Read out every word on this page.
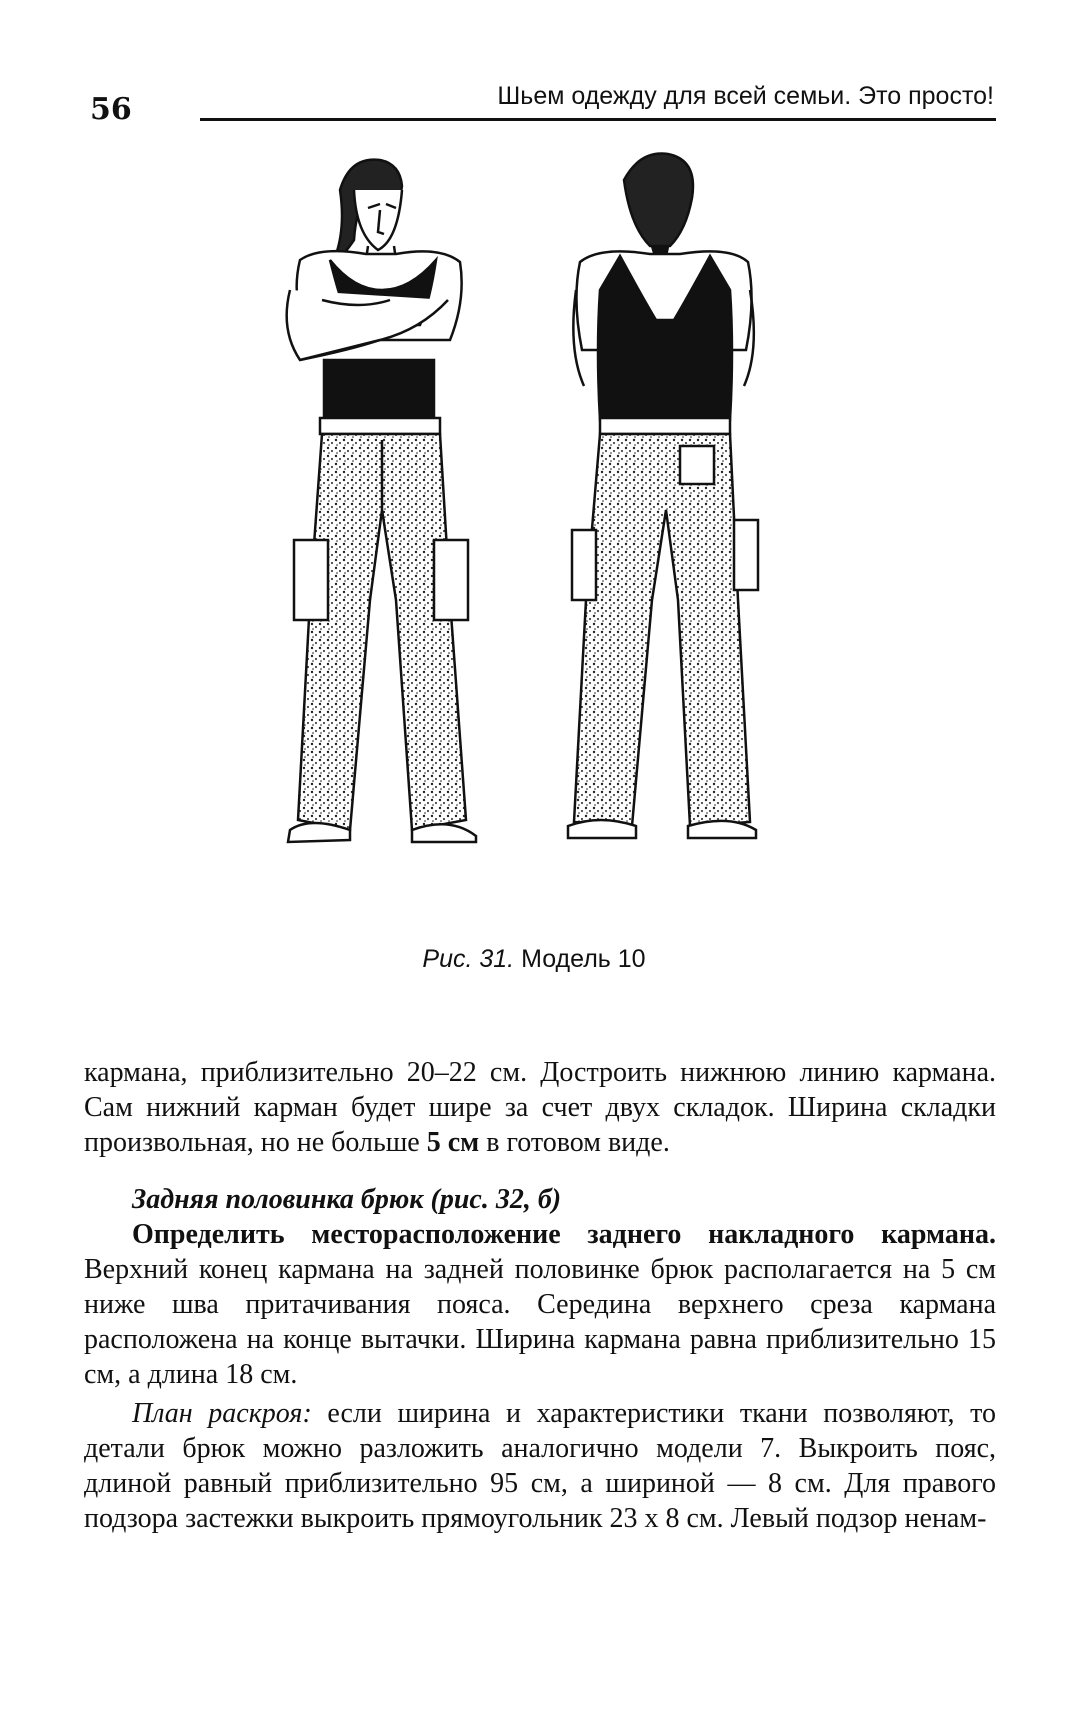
56	Шьем одежду для всей семьи. Это просто!
Рис. 31. Модель 10

кармана, приблизительно 20–22 см. Достроить нижнюю линию кармана. Сам нижний карман будет шире за счет двух складок. Ширина складки произвольная, но не больше 5 см в готовом виде.

Задняя половинка брюк (рис. 32, б)

Определить месторасположение заднего накладного кармана. Верхний конец кармана на задней половинке брюк располагается на 5 см ниже шва притачивания пояса. Середина верхнего среза кармана расположена на конце вытачки. Ширина кармана равна приблизительно 15 см, а длина 18 см.

План раскроя: если ширина и характеристики ткани позволяют, то детали брюк можно разложить аналогично модели 7. Выкроить пояс, длиной равный приблизительно 95 см, а шириной — 8 см. Для правого подзора застежки выкроить прямоугольник 23 х 8 см. Левый подзор ненам-
